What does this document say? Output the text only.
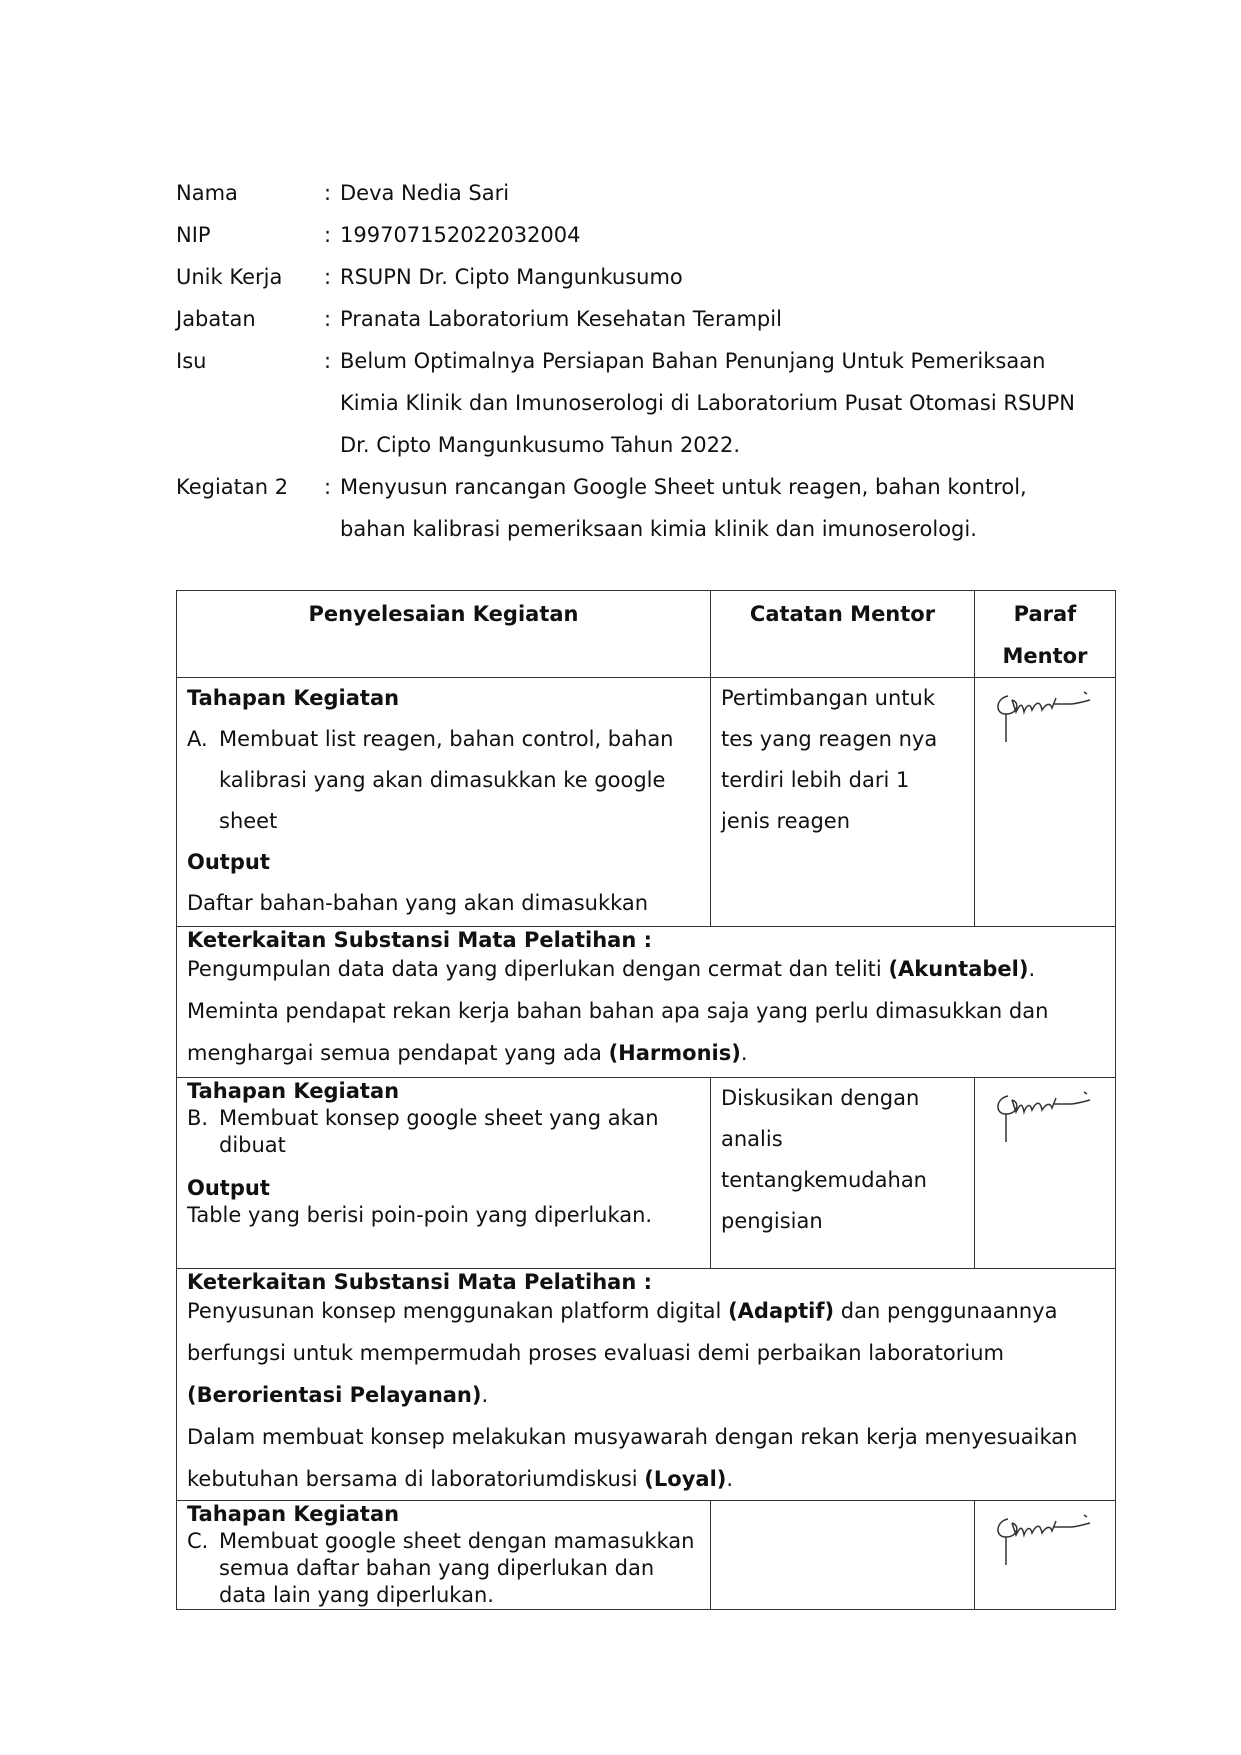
Nama	: Deva Nedia Sari
NIP	: 199707152022032004
Unik Kerja	: RSUPN Dr. Cipto Mangunkusumo
Jabatan	: Pranata Laboratorium Kesehatan Terampil
Isu	: Belum Optimalnya Persiapan Bahan Penunjang Untuk Pemeriksaan Kimia Klinik dan Imunoserologi di Laboratorium Pusat Otomasi RSUPN Dr. Cipto Mangunkusumo Tahun 2022.
Kegiatan 2	: Menyusun rancangan Google Sheet untuk reagen, bahan kontrol, bahan kalibrasi pemeriksaan kimia klinik dan imunoserologi.
Penyelesaian Kegiatan	Catatan Mentor	Paraf Mentor

Tahapan Kegiatan
A. Membuat list reagen, bahan control, bahan kalibrasi yang akan dimasukkan ke google sheet
Output
Daftar bahan-bahan yang akan dimasukkan	Pertimbangan untuk tes yang reagen nya terdiri lebih dari 1 jenis reagen	

Keterkaitan Substansi Mata Pelatihan :
Pengumpulan data data yang diperlukan dengan cermat dan teliti (Akuntabel).
Meminta pendapat rekan kerja bahan bahan apa saja yang perlu dimasukkan dan menghargai semua pendapat yang ada (Harmonis).		

Tahapan Kegiatan
B. Membuat konsep google sheet yang akan dibuat
Output
Table yang berisi poin-poin yang diperlukan.	Diskusikan dengan analis tentangkemudahan pengisian	

Keterkaitan Substansi Mata Pelatihan :
Penyusunan konsep menggunakan platform digital (Adaptif) dan penggunaannya berfungsi untuk mempermudah proses evaluasi demi perbaikan laboratorium (Berorientasi Pelayanan).
Dalam membuat konsep melakukan musyawarah dengan rekan kerja menyesuaikan kebutuhan bersama di laboratoriumdiskusi (Loyal).		

Tahapan Kegiatan
C. Membuat google sheet dengan mamasukkan semua daftar bahan yang diperlukan dan data lain yang diperlukan.
